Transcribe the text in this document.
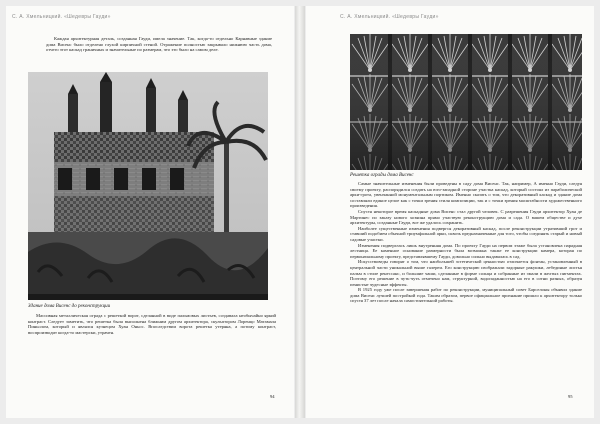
С. А. Хмельницкий. «Шедевры Гауди»

Каждая архитектурная деталь, созданная Гауди, имела значение. Так, когда-то отдельно Карнавные здание дома Висенс было отделено глухой кирпичной стеной. Отражение полностью закрывало нижнюю часть дома, отчего этот каскад граничных и значительные по размерам, что это было на самом деле.

Здание дома Висенс до реконструкции

Массивная металлическая ограда с решеткой ворот, сделанной в виде пальмовых листьев, создавала необычайно яркий контраст. Следует заметить, что решетка была выполнена ближним другом архитектора, скульптором Лоренцо Матамала Пиньолом, который и являлся кузнецом Хуан Оньос. Впоследствии ворота решетка утеряна, а потому контраст, воспроизводит когда-то мастерски, утрачен.

94
С. А. Хмельницкий. «Шедевры Гауди»
Решетка ограды дома Висенс

Самые значительные изменения были проведены в саду дома Висенс. Так, например, А именно Гауди, следуя своему проекту, распорядился создать на юго-западной стороне участка каскад, который состоял из параболической арки-грота, увенчанной монументальным портиком. Именно сказать о том, что декоративный каскад и здание дома составляли единое целое как с точки зрения стиля композиции, так и с точки зрения масштабности художественного произведения.

Спустя некоторое время каскадные дома Висенс стал другой человек. С разрешения Гауди архитектор Хуан де Мартинес по заказу нового хозяина прямо участвую реконструкцию дома и сада. О вашем обществе и духе архитектуры, созданные Гауди, все же удалось сохранить.

Наиболее существенные изменения подвергся декоративный каскад, после реконструкции утративший грот и ставший подобием обычной триумфальной арки, сквозь предназначенные для того, чтобы соединять старый и новый садовые участки.

Изменения подверглась лишь внутренняя дома. По проекту Гауди на первом этаже была установлена парадная лестница. Ее каменное основание размерности была возможна также ее конструкции камера, которая по первоначальному проекту, представлявшему Гауди, довольно сильно выдавалась в сад.

Искусствоведы говорят о том, что наибольшей эстетической ценностью отличается фонтан, установленный в центральной части уникальной выше галереи. Его конструкцию изображали задорные ракушки, лебединые листья пальм в стиле ренессанс, и большие чаши, сделанные в форме солнца и собранные из эмали в желтых пигментах. Поэтому его решение в чуть-чуть отмечено нам, структурной, водопаданностью на его в сотни разных, образуя пенистые чудесные эффекты.

В 1925 году уже после завершения работ по реконструкции, муниципальный совет Барселоны объявил здание дома Висенс лучшей постройкой года. Таким образом, первое официальное признание пришло к архитектору только спустя 37 лет после начала самостоятельной работы.

95
